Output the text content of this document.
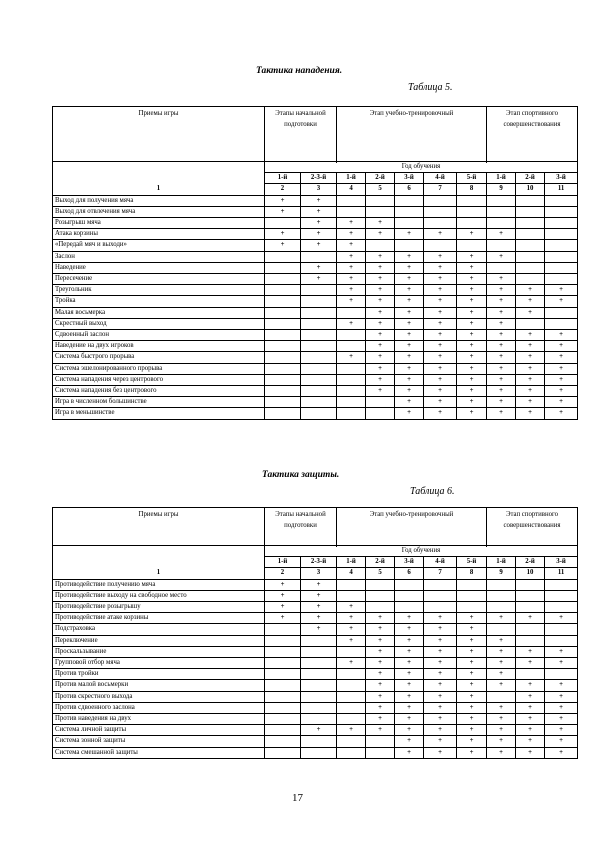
Тактика нападения.
Таблица 5.
Приемы игры	Этапы начальной подготовки		Этап учебно-тренировочный					Этап спортивного совершенствования		

1	Год обучения									
	1-й	2-3-й	1-й	2-й	3-й	4-й	5-й	1-й	2-й	3-й
	2	3	4	5	6	7	8	9	10	11
Выход для получения мяча	+	+								
Выход для отвлечения мяча	+	+								
Розыгрыш мяча		+	+	+						
Атака корзины	+	+	+	+	+	+	+	+		
«Передай мяч и выходи»	+	+	+							
Заслон			+	+	+	+	+	+		
Наведение		+	+	+	+	+	+			
Пересечение		+	+	+	+	+	+	+		
Треугольник			+	+	+	+	+	+	+	+
Тройка			+	+	+	+	+	+	+	+
Малая восьмерка				+	+	+	+	+	+	
Скрестный выход			+	+	+	+	+	+		
Сдвоенный заслон				+	+	+	+	+	+	+
Наведение на двух игроков				+	+	+	+	+	+	+
Система быстрого прорыва			+	+	+	+	+	+	+	+
Система эшелонированного прорыва				+	+	+	+	+	+	+
Система нападения через центрового				+	+	+	+	+	+	+
Система нападения без центрового				+	+	+	+	+	+	+
Игра в численном большинстве					+	+	+	+	+	+
Игра в меньшинстве					+	+	+	+	+	+
Тактика защиты.
Таблица 6.
Приемы игры	Этапы начальной подготовки		Этап учебно-тренировочный					Этап спортивного совершенствования		

1	Год обучения									
	1-й	2-3-й	1-й	2-й	3-й	4-й	5-й	1-й	2-й	3-й
	2	3	4	5	6	7	8	9	10	11
Противодействие получению мяча	+	+								
Противодействие выходу на свободное место	+	+								
Противодействие розыгрышу	+	+	+							
Противодействие атаке корзины	+	+	+	+	+	+	+	+	+	+
Подстраховка		+	+	+	+	+	+			
Переключение			+	+	+	+	+	+		
Проскальзывание				+	+	+	+	+	+	+
Групповой отбор мяча			+	+	+	+	+	+	+	+
Против тройки				+	+	+	+	+		
Против малой восьмерки				+	+	+	+	+	+	+
Против скрестного выхода				+	+	+	+		+	+
Против сдвоенного заслона				+	+	+	+	+	+	+
Против наведения на двух				+	+	+	+	+	+	+
Система личной защиты		+	+	+	+	+	+	+	+	+
Система зонной защиты					+	+	+	+	+	+
Система смешанной защиты					+	+	+	+	+	+
17
